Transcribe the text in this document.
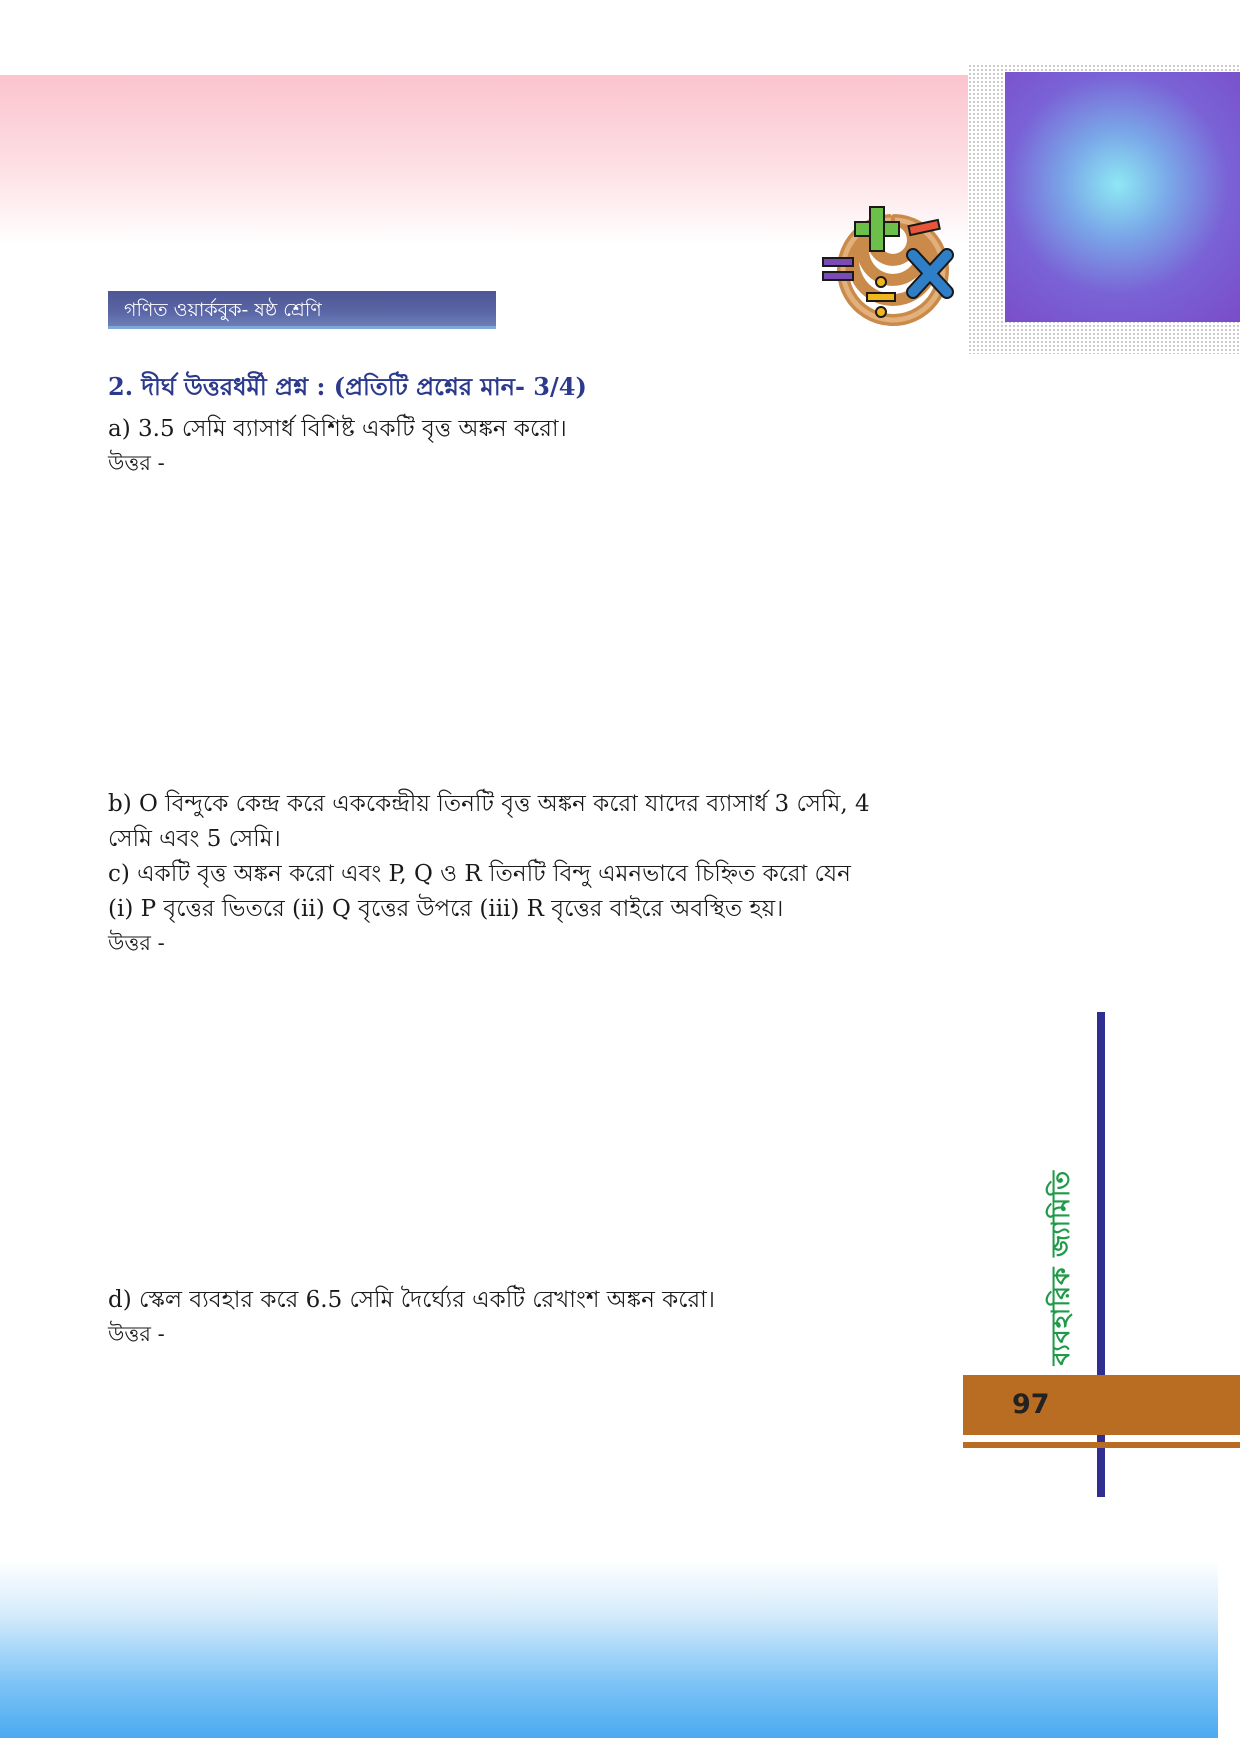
গণিত ওয়ার্কবুক- ষষ্ঠ শ্রেণি

2. দীর্ঘ উত্তরধর্মী প্রশ্ন : (প্রতিটি প্রশ্নের মান- 3/4)

a) 3.5 সেমি ব্যাসার্ধ বিশিষ্ট একটি বৃত্ত অঙ্কন করো।

উত্তর -

b) O বিন্দুকে কেন্দ্র করে এককেন্দ্রীয় তিনটি বৃত্ত অঙ্কন করো যাদের ব্যাসার্ধ 3 সেমি, 4

সেমি এবং 5 সেমি।

c) একটি বৃত্ত অঙ্কন করো এবং P, Q ও R তিনটি বিন্দু এমনভাবে চিহ্নিত করো যেন

(i) P বৃত্তের ভিতরে (ii) Q বৃত্তের উপরে (iii) R বৃত্তের বাইরে অবস্থিত হয়।

উত্তর -

d) স্কেল ব্যবহার করে 6.5 সেমি দৈর্ঘ্যের একটি রেখাংশ অঙ্কন করো।

উত্তর -	ব্যবহারিক জ্যামিতি
97
